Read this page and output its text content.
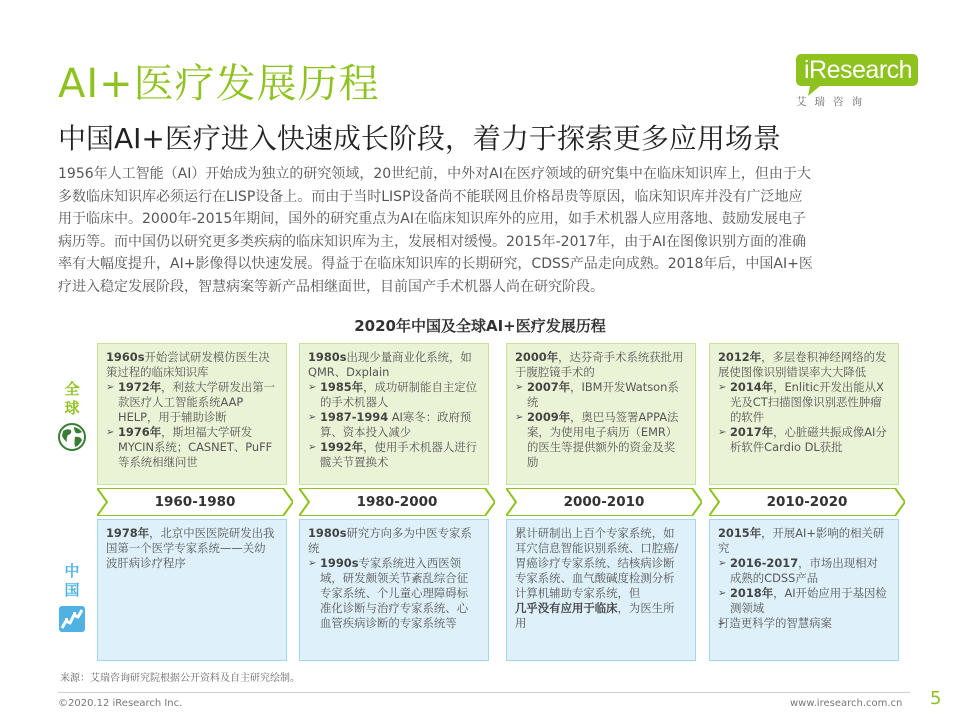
AI+医疗发展历程
中国AI+医疗进入快速成长阶段，着力于探索更多应用场景
iResearch
艾瑞咨询

1956年人工智能（AI）开始成为独立的研究领域，20世纪前，中外对AI在医疗领域的研究集中在临床知识库上，但由于大

多数临床知识库必须运行在LISP设备上。而由于当时LISP设备尚不能联网且价格昂贵等原因，临床知识库并没有广泛地应

用于临床中。2000年-2015年期间，国外的研究重点为AI在临床知识库外的应用，如手术机器人应用落地、鼓励发展电子

病历等。而中国仍以研究更多类疾病的临床知识库为主，发展相对缓慢。2015年-2017年，由于AI在图像识别方面的准确

率有大幅度提升，AI+影像得以快速发展。得益于在临床知识库的长期研究，CDSS产品走向成熟。2018年后，中国AI+医

疗进入稳定发展阶段，智慧病案等新产品相继面世，目前国产手术机器人尚在研究阶段。

2020年中国及全球AI+医疗发展历程
全
球
中
国
1960s开始尝试研发模仿医生决策过程的临床知识库
➢ 1972年，利兹大学研发出第一款医疗人工智能系统AAP HELP，用于辅助诊断
➢ 1976年，斯坦福大学研发MYCIN系统；CASNET、PuFF等系统相继问世
1980s出现少量商业化系统，如QMR、Dxplain
➢ 1985年，成功研制能自主定位的手术机器人
➢ 1987-1994 AI寒冬：政府预算、资本投入减少
➢ 1992年，使用手术机器人进行髋关节置换术
2000年，达芬奇手术系统获批用于腹腔镜手术的
➢ 2007年，IBM开发Watson系统
➢ 2009年，奥巴马签署APPA法案，为使用电子病历（EMR）的医生等提供额外的资金及奖励
2012年，多层卷积神经网络的发展使图像识别错误率大大降低
➢ 2014年，Enlitic开发出能从X光及CT扫描图像识别恶性肿瘤的软件
➢ 2017年，心脏磁共振成像AI分析软件Cardio DL获批
1960-1980	1980-2000	2000-2010	2010-2020
1978年，北京中医医院研发出我国第一个医学专家系统——关幼波肝病诊疗程序
1980s研究方向多为中医专家系统
➢ 1990s专家系统进入西医领域，研发颇领关节紊乱综合征专家系统、个儿童心理障碍标准化诊断与治疗专家系统、心血管疾病诊断的专家系统等
累计研制出上百个专家系统，如耳穴信息智能识别系统、口腔癌/胃癌诊疗专家系统、结核病诊断专家系统、血气酸碱度检测分析计算机辅助专家系统，但
几乎没有应用于临床，为医生所用
2015年，开展AI+影响的相关研究
➢ 2016-2017，市场出现相对成熟的CDSS产品
➢ 2018年，AI开始应用于基因检测领域
打造更科学的智慧病案
来源：艾瑞咨询研究院根据公开资料及自主研究绘制。
©2020.12 iResearch Inc.	www.iresearch.com.cn 5
